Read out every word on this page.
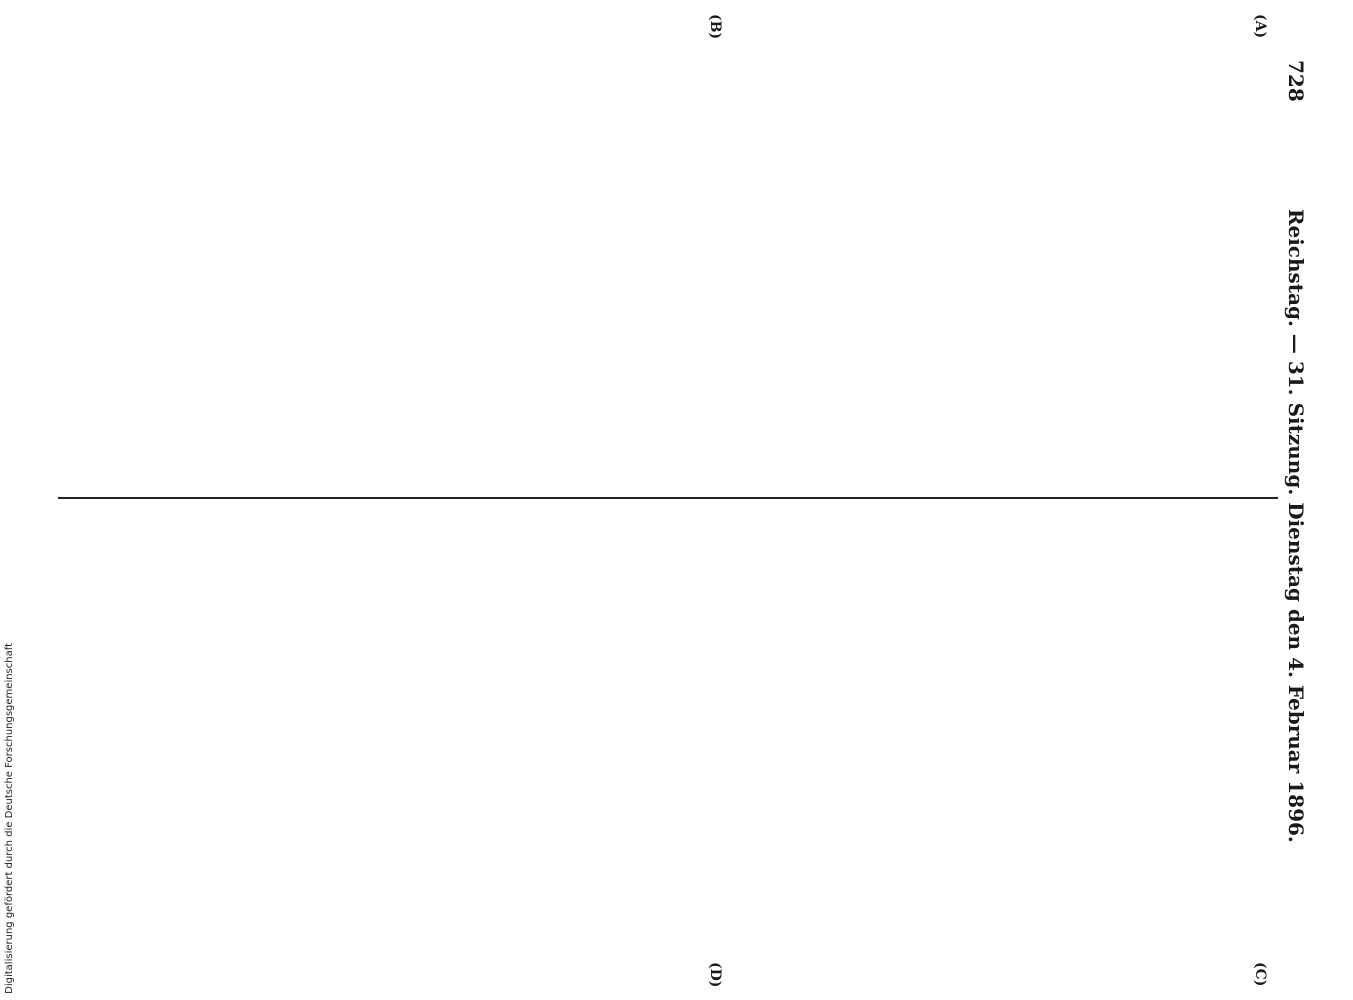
728
Reichstag. — 31. Sitzung. Dienstag den 4. Februar 1896.
(A)
(B)
(C)
(D)

Digitalisierung gefördert durch die Deutsche Forschungsgemeinschaft
